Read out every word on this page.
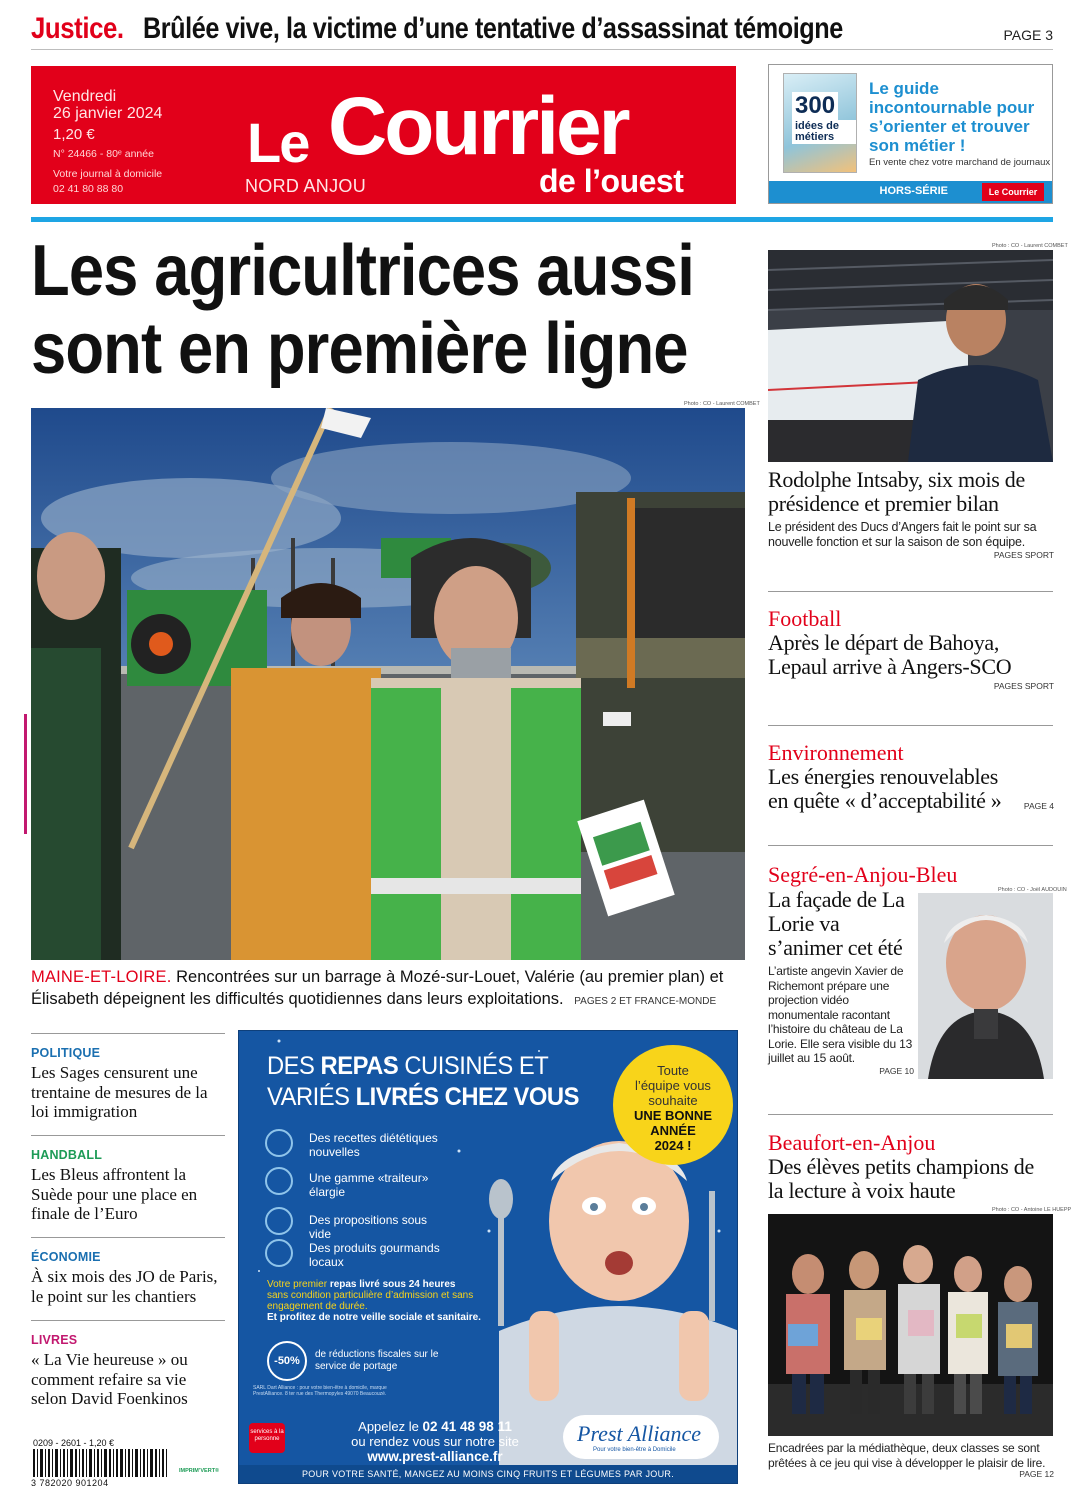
Justice. Brûlée vive, la victime d’une tentative d’assassinat témoigne	PAGE 3
Vendredi
26 janvier 2024
1,20 €
N° 24466 - 80ᵉ année
Votre journal à domicile
02 41 80 88 80
Le Courrier
de l’ouest
NORD ANJOU
300
idées de métiers
Le guide incontournable pour s’orienter et trouver son métier !
En vente chez votre marchand de journaux
HORS-SÉRIE	Le Courrier
Les agricultrices aussi
sont en première ligne
Photo : CO - Laurent COMBET
MAINE-ET-LOIRE. Rencontrées sur un barrage à Mozé-sur-Louet, Valérie (au premier plan) et Élisabeth dépeignent les difficultés quotidiennes dans leurs exploitations. PAGES 2 ET FRANCE-MONDE
POLITIQUE
Les Sages censurent une trentaine de mesures de la loi immigration
HANDBALL
Les Bleus affrontent la Suède pour une place en finale de l’Euro
ÉCONOMIE
À six mois des JO de Paris, le point sur les chantiers
LIVRES
« La Vie heureuse » ou comment refaire sa vie selon David Foenkinos
DES REPAS CUISINÉS ET
VARIÉS LIVRÉS CHEZ VOUS
Toute
l’équipe vous
souhaite
UNE BONNE
ANNÉE
2024 !
Des recettes diététiques nouvelles
Une gamme «traiteur» élargie
Des propositions sous vide
Des produits gourmands locaux
Votre premier repas livré sous 24 heures
sans condition particulière d’admission et sans engagement de durée.
Et profitez de notre veille sociale et sanitaire.
-50%
de réductions fiscales sur le service de portage
SARL Dart Alliance : pour votre bien-être à domicile, marque PrestAlliance. 8 ter rue des Thermopyles 49070 Beaucouzé.
services à la personne
Appelez le 02 41 48 98 11
ou rendez vous sur notre site
www.prest-alliance.fr
Prest Alliance
Pour votre bien-être à Domicile
POUR VOTRE SANTÉ, MANGEZ AU MOINS CINQ FRUITS ET LÉGUMES PAR JOUR.
0209 - 2601 - 1,20 €
3 782020 901204
IMPRIM’VERT®
Photo : CO - Laurent COMBET
Rodolphe Intsaby, six mois de présidence et premier bilan
Le président des Ducs d’Angers fait le point sur sa nouvelle fonction et sur la saison de son équipe.
PAGES SPORT
Football
Après le départ de Bahoya, Lepaul arrive à Angers-SCO
PAGES SPORT
Environnement
Les énergies renouvelables en quête « d’acceptabilité »	PAGE 4
Segré-en-Anjou-Bleu
Photo : CO - Joël AUDOUIN
La façade de La Lorie va s’animer cet été
L’artiste angevin Xavier de Richemont prépare une projection vidéo monumentale racontant l’histoire du château de La Lorie. Elle sera visible du 13 juillet au 15 août.
PAGE 10
Beaufort-en-Anjou
Des élèves petits champions de la lecture à voix haute
Photo : CO - Antoine LE HUEPP
Encadrées par la médiathèque, deux classes se sont prêtées à ce jeu qui vise à développer le plaisir de lire.
PAGE 12
